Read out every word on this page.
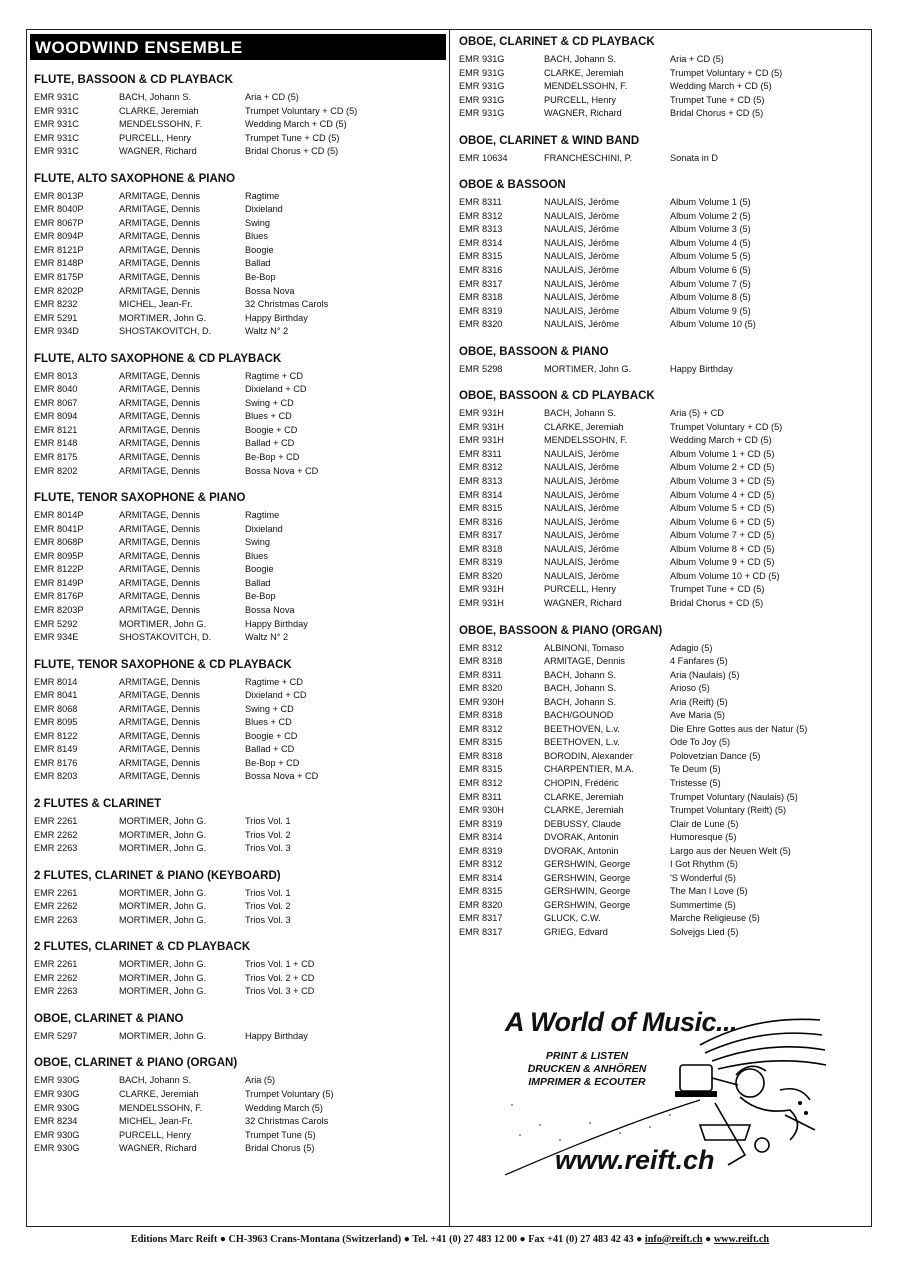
WOODWIND ENSEMBLE
FLUTE, BASSOON & CD PLAYBACK
EMR 931C	BACH, Johann S.	Aria + CD (5)
EMR 931C	CLARKE, Jeremiah	Trumpet Voluntary + CD (5)
EMR 931C	MENDELSSOHN, F.	Wedding March + CD (5)
EMR 931C	PURCELL, Henry	Trumpet Tune + CD (5)
EMR 931C	WAGNER, Richard	Bridal Chorus + CD (5)
FLUTE, ALTO SAXOPHONE & PIANO
EMR 8013P	ARMITAGE, Dennis	Ragtime
EMR 8040P	ARMITAGE, Dennis	Dixieland
EMR 8067P	ARMITAGE, Dennis	Swing
EMR 8094P	ARMITAGE, Dennis	Blues
EMR 8121P	ARMITAGE, Dennis	Boogie
EMR 8148P	ARMITAGE, Dennis	Ballad
EMR 8175P	ARMITAGE, Dennis	Be-Bop
EMR 8202P	ARMITAGE, Dennis	Bossa Nova
EMR 8232	MICHEL, Jean-Fr.	32 Christmas Carols
EMR 5291	MORTIMER, John G.	Happy Birthday
EMR 934D	SHOSTAKOVITCH, D.	Waltz N° 2
FLUTE, ALTO SAXOPHONE & CD PLAYBACK
EMR 8013	ARMITAGE, Dennis	Ragtime + CD
EMR 8040	ARMITAGE, Dennis	Dixieland + CD
EMR 8067	ARMITAGE, Dennis	Swing + CD
EMR 8094	ARMITAGE, Dennis	Blues + CD
EMR 8121	ARMITAGE, Dennis	Boogie + CD
EMR 8148	ARMITAGE, Dennis	Ballad + CD
EMR 8175	ARMITAGE, Dennis	Be-Bop + CD
EMR 8202	ARMITAGE, Dennis	Bossa Nova + CD
FLUTE, TENOR SAXOPHONE & PIANO
EMR 8014P	ARMITAGE, Dennis	Ragtime
EMR 8041P	ARMITAGE, Dennis	Dixieland
EMR 8068P	ARMITAGE, Dennis	Swing
EMR 8095P	ARMITAGE, Dennis	Blues
EMR 8122P	ARMITAGE, Dennis	Boogie
EMR 8149P	ARMITAGE, Dennis	Ballad
EMR 8176P	ARMITAGE, Dennis	Be-Bop
EMR 8203P	ARMITAGE, Dennis	Bossa Nova
EMR 5292	MORTIMER, John G.	Happy Birthday
EMR 934E	SHOSTAKOVITCH, D.	Waltz N° 2
FLUTE, TENOR SAXOPHONE & CD PLAYBACK
EMR 8014	ARMITAGE, Dennis	Ragtime + CD
EMR 8041	ARMITAGE, Dennis	Dixieland + CD
EMR 8068	ARMITAGE, Dennis	Swing + CD
EMR 8095	ARMITAGE, Dennis	Blues + CD
EMR 8122	ARMITAGE, Dennis	Boogie + CD
EMR 8149	ARMITAGE, Dennis	Ballad + CD
EMR 8176	ARMITAGE, Dennis	Be-Bop + CD
EMR 8203	ARMITAGE, Dennis	Bossa Nova + CD
2 FLUTES & CLARINET
EMR 2261	MORTIMER, John G.	Trios Vol. 1
EMR 2262	MORTIMER, John G.	Trios Vol. 2
EMR 2263	MORTIMER, John G.	Trios Vol. 3
2 FLUTES, CLARINET & PIANO (KEYBOARD)
EMR 2261	MORTIMER, John G.	Trios Vol. 1
EMR 2262	MORTIMER, John G.	Trios Vol. 2
EMR 2263	MORTIMER, John G.	Trios Vol. 3
2 FLUTES, CLARINET & CD PLAYBACK
EMR 2261	MORTIMER, John G.	Trios Vol. 1 + CD
EMR 2262	MORTIMER, John G.	Trios Vol. 2 + CD
EMR 2263	MORTIMER, John G.	Trios Vol. 3 + CD
OBOE, CLARINET & PIANO
EMR 5297	MORTIMER, John G.	Happy Birthday
OBOE, CLARINET & PIANO (ORGAN)
EMR 930G	BACH, Johann S.	Aria (5)
EMR 930G	CLARKE, Jeremiah	Trumpet Voluntary (5)
EMR 930G	MENDELSSOHN, F.	Wedding March (5)
EMR 8234	MICHEL, Jean-Fr.	32 Christmas Carols
EMR 930G	PURCELL, Henry	Trumpet Tune (5)
EMR 930G	WAGNER, Richard	Bridal Chorus (5)
OBOE, CLARINET & CD PLAYBACK
EMR 931G	BACH, Johann S.	Aria + CD (5)
EMR 931G	CLARKE, Jeremiah	Trumpet Voluntary + CD (5)
EMR 931G	MENDELSSOHN, F.	Wedding March + CD (5)
EMR 931G	PURCELL, Henry	Trumpet Tune + CD (5)
EMR 931G	WAGNER, Richard	Bridal Chorus + CD (5)
OBOE, CLARINET & WIND BAND
EMR 10634	FRANCHESCHINI, P.	Sonata in D
OBOE & BASSOON
EMR 8311	NAULAIS, Jérôme	Album Volume 1 (5)
EMR 8312	NAULAIS, Jérôme	Album Volume 2 (5)
EMR 8313	NAULAIS, Jérôme	Album Volume 3 (5)
EMR 8314	NAULAIS, Jérôme	Album Volume 4 (5)
EMR 8315	NAULAIS, Jérôme	Album Volume 5 (5)
EMR 8316	NAULAIS, Jérôme	Album Volume 6 (5)
EMR 8317	NAULAIS, Jérôme	Album Volume 7 (5)
EMR 8318	NAULAIS, Jérôme	Album Volume 8 (5)
EMR 8319	NAULAIS, Jérôme	Album Volume 9 (5)
EMR 8320	NAULAIS, Jérôme	Album Volume 10 (5)
OBOE, BASSOON & PIANO
EMR 5298	MORTIMER, John G.	Happy Birthday
OBOE, BASSOON & CD PLAYBACK
EMR 931H	BACH, Johann S.	Aria (5) + CD
EMR 931H	CLARKE, Jeremiah	Trumpet Voluntary + CD (5)
EMR 931H	MENDELSSOHN, F.	Wedding March + CD (5)
EMR 8311	NAULAIS, Jérôme	Album Volume 1 + CD (5)
EMR 8312	NAULAIS, Jérôme	Album Volume 2 + CD (5)
EMR 8313	NAULAIS, Jérôme	Album Volume 3 + CD (5)
EMR 8314	NAULAIS, Jérôme	Album Volume 4 + CD (5)
EMR 8315	NAULAIS, Jérôme	Album Volume 5 + CD (5)
EMR 8316	NAULAIS, Jérôme	Album Volume 6 + CD (5)
EMR 8317	NAULAIS, Jérôme	Album Volume 7 + CD (5)
EMR 8318	NAULAIS, Jérôme	Album Volume 8 + CD (5)
EMR 8319	NAULAIS, Jérôme	Album Volume 9 + CD (5)
EMR 8320	NAULAIS, Jérôme	Album Volume 10 + CD (5)
EMR 931H	PURCELL, Henry	Trumpet Tune + CD (5)
EMR 931H	WAGNER, Richard	Bridal Chorus + CD (5)
OBOE, BASSOON & PIANO (ORGAN)
EMR 8312	ALBINONI, Tomaso	Adagio (5)
EMR 8318	ARMITAGE, Dennis	4 Fanfares (5)
EMR 8311	BACH, Johann S.	Aria (Naulais) (5)
EMR 8320	BACH, Johann S.	Arioso (5)
EMR 930H	BACH, Johann S.	Aria (Reift) (5)
EMR 8318	BACH/GOUNOD	Ave Maria (5)
EMR 8312	BEETHOVEN, L.v.	Die Ehre Gottes aus der Natur (5)
EMR 8315	BEETHOVEN, L.v.	Ode To Joy (5)
EMR 8318	BORODIN, Alexander	Polovetzian Dance (5)
EMR 8315	CHARPENTIER, M.A.	Te Deum (5)
EMR 8312	CHOPIN, Frédéric	Tristesse (5)
EMR 8311	CLARKE, Jeremiah	Trumpet Voluntary (Naulais) (5)
EMR 930H	CLARKE, Jeremiah	Trumpet Voluntary (Reift) (5)
EMR 8319	DEBUSSY, Claude	Clair de Lune (5)
EMR 8314	DVORAK, Antonin	Humoresque (5)
EMR 8319	DVORAK, Antonin	Largo aus der Neuen Welt (5)
EMR 8312	GERSHWIN, George	I Got Rhythm (5)
EMR 8314	GERSHWIN, George	'S Wonderful (5)
EMR 8315	GERSHWIN, George	The Man I Love (5)
EMR 8320	GERSHWIN, George	Summertime (5)
EMR 8317	GLUCK, C.W.	Marche Religieuse (5)
EMR 8317	GRIEG, Edvard	Solvejgs Lied (5)
A World of Music...
PRINT & LISTEN
DRUCKEN & ANHÖREN
IMPRIMER & ECOUTER
www.reift.ch
Editions Marc Reift ● CH-3963 Crans-Montana (Switzerland) ● Tel. +41 (0) 27 483 12 00 ● Fax +41 (0) 27 483 42 43 ● info@reift.ch ● www.reift.ch
